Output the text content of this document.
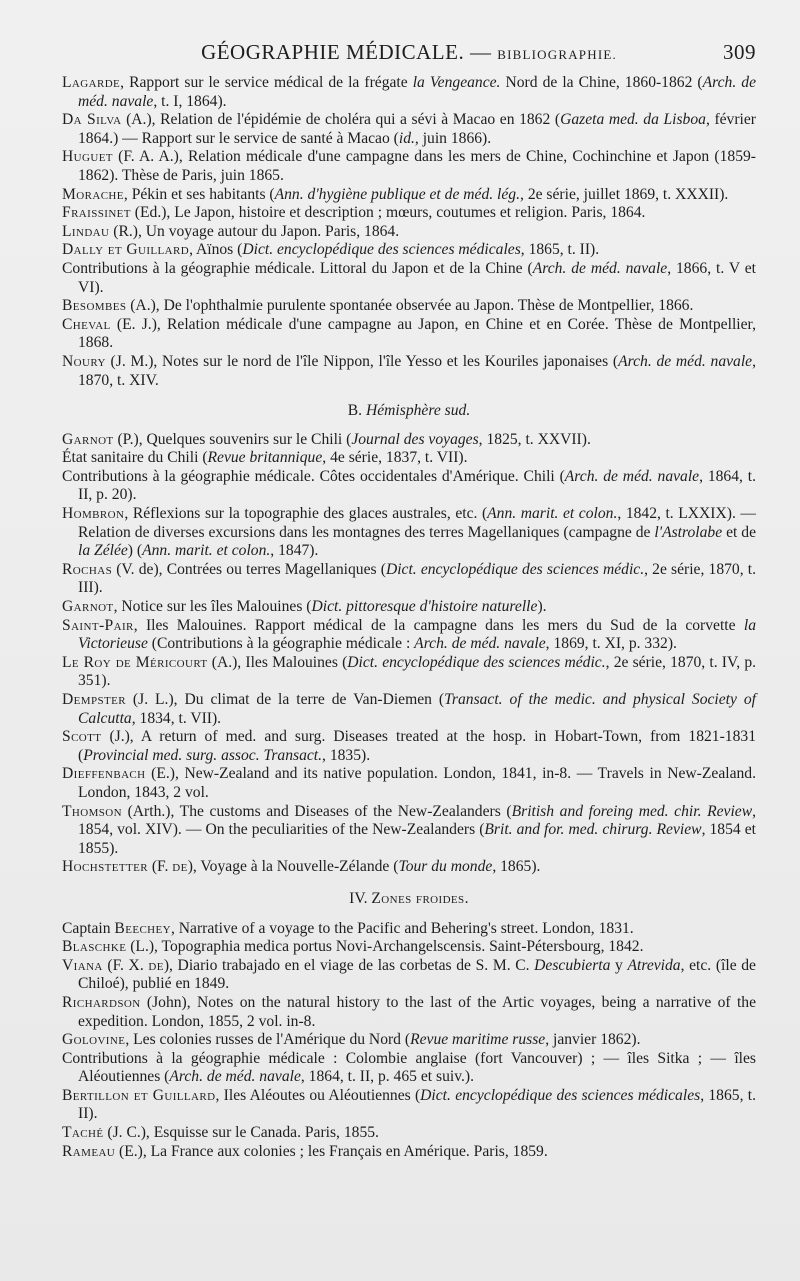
GÉOGRAPHIE MÉDICALE. — BIBLIOGRAPHIE.	309

Lagarde, Rapport sur le service médical de la frégate la Vengeance. Nord de la Chine, 1860-1862 (Arch. de méd. navale, t. I, 1864).

Da Silva (A.), Relation de l'épidémie de choléra qui a sévi à Macao en 1862 (Gazeta med. da Lisboa, février 1864.) — Rapport sur le service de santé à Macao (id., juin 1866).

Huguet (F. A. A.), Relation médicale d'une campagne dans les mers de Chine, Cochinchine et Japon (1859-1862). Thèse de Paris, juin 1865.

Morache, Pékin et ses habitants (Ann. d'hygiène publique et de méd. lég., 2e série, juillet 1869, t. XXXII).

Fraissinet (Ed.), Le Japon, histoire et description ; mœurs, coutumes et religion. Paris, 1864.

Lindau (R.), Un voyage autour du Japon. Paris, 1864.

Dally et Guillard, Aïnos (Dict. encyclopédique des sciences médicales, 1865, t. II).

Contributions à la géographie médicale. Littoral du Japon et de la Chine (Arch. de méd. navale, 1866, t. V et VI).

Besombes (A.), De l'ophthalmie purulente spontanée observée au Japon. Thèse de Montpellier, 1866.

Cheval (E. J.), Relation médicale d'une campagne au Japon, en Chine et en Corée. Thèse de Montpellier, 1868.

Noury (J. M.), Notes sur le nord de l'île Nippon, l'île Yesso et les Kouriles japonaises (Arch. de méd. navale, 1870, t. XIV.

B. Hémisphère sud.

Garnot (P.), Quelques souvenirs sur le Chili (Journal des voyages, 1825, t. XXVII).

État sanitaire du Chili (Revue britannique, 4e série, 1837, t. VII).

Contributions à la géographie médicale. Côtes occidentales d'Amérique. Chili (Arch. de méd. navale, 1864, t. II, p. 20).

Hombron, Réflexions sur la topographie des glaces australes, etc. (Ann. marit. et colon., 1842, t. LXXIX). — Relation de diverses excursions dans les montagnes des terres Magellaniques (campagne de l'Astrolabe et de la Zélée) (Ann. marit. et colon., 1847).

Rochas (V. de), Contrées ou terres Magellaniques (Dict. encyclopédique des sciences médic., 2e série, 1870, t. III).

Garnot, Notice sur les îles Malouines (Dict. pittoresque d'histoire naturelle).

Saint-Pair, Iles Malouines. Rapport médical de la campagne dans les mers du Sud de la corvette la Victorieuse (Contributions à la géographie médicale : Arch. de méd. navale, 1869, t. XI, p. 332).

Le Roy de Méricourt (A.), Iles Malouines (Dict. encyclopédique des sciences médic., 2e série, 1870, t. IV, p. 351).

Dempster (J. L.), Du climat de la terre de Van-Diemen (Transact. of the medic. and physical Society of Calcutta, 1834, t. VII).

Scott (J.), A return of med. and surg. Diseases treated at the hosp. in Hobart-Town, from 1821-1831 (Provincial med. surg. assoc. Transact., 1835).

Dieffenbach (E.), New-Zealand and its native population. London, 1841, in-8. — Travels in New-Zealand. London, 1843, 2 vol.

Thomson (Arth.), The customs and Diseases of the New-Zealanders (British and foreing med. chir. Review, 1854, vol. XIV). — On the peculiarities of the New-Zealanders (Brit. and for. med. chirurg. Review, 1854 et 1855).

Hochstetter (F. de), Voyage à la Nouvelle-Zélande (Tour du monde, 1865).

IV. Zones froides.

Captain Beechey, Narrative of a voyage to the Pacific and Behering's street. London, 1831.

Blaschke (L.), Topographia medica portus Novi-Archangelscensis. Saint-Pétersbourg, 1842.

Viana (F. X. de), Diario trabajado en el viage de las corbetas de S. M. C. Descubierta y Atrevida, etc. (île de Chiloé), publié en 1849.

Richardson (John), Notes on the natural history to the last of the Artic voyages, being a narrative of the expedition. London, 1855, 2 vol. in-8.

Golovine, Les colonies russes de l'Amérique du Nord (Revue maritime russe, janvier 1862).

Contributions à la géographie médicale : Colombie anglaise (fort Vancouver) ; — îles Sitka ; — îles Aléoutiennes (Arch. de méd. navale, 1864, t. II, p. 465 et suiv.).

Bertillon et Guillard, Iles Aléoutes ou Aléoutiennes (Dict. encyclopédique des sciences médicales, 1865, t. II).

Taché (J. C.), Esquisse sur le Canada. Paris, 1855.

Rameau (E.), La France aux colonies ; les Français en Amérique. Paris, 1859.
